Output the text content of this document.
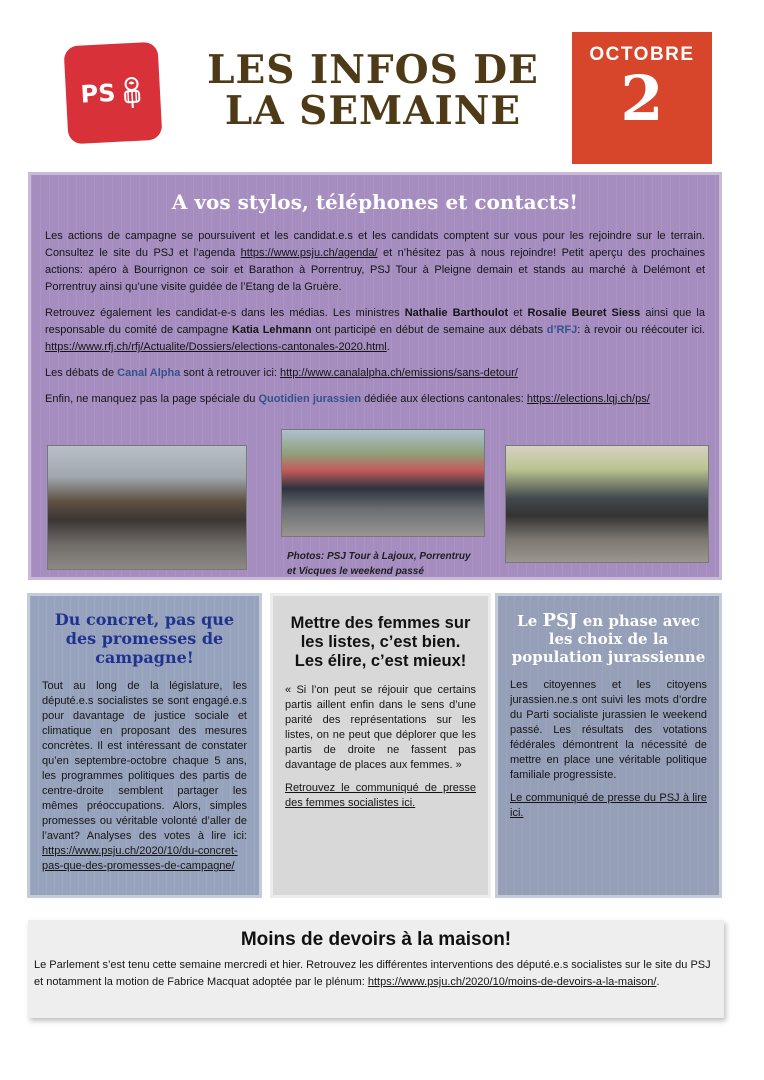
PS
LES INFOS DE
LA SEMAINE
OCTOBRE
2
A vos stylos, téléphones et contacts!

Les actions de campagne se poursuivent et les candidat.e.s et les candidats comptent sur vous pour les rejoindre sur le terrain. Consultez le site du PSJ et l’agenda https://www.psju.ch/agenda/ et n’hésitez pas à nous rejoindre! Petit aperçu des prochaines actions: apéro à Bourrignon ce soir et Barathon à Porrentruy, PSJ Tour à Pleigne demain et stands au marché à Delémont et Porrentruy ainsi qu’une visite guidée de l’Etang de la Gruère.

Retrouvez également les candidat-e-s dans les médias. Les ministres Nathalie Barthoulot et Rosalie Beuret Siess ainsi que la responsable du comité de campagne Katia Lehmann ont participé en début de semaine aux débats d’RFJ: à revoir ou réécouter ici. https://www.rfj.ch/rfj/Actualite/Dossiers/elections-cantonales-2020.html.

Les débats de Canal Alpha sont à retrouver ici: http://www.canalalpha.ch/emissions/sans-detour/

Enfin, ne manquez pas la page spéciale du Quotidien jurassien dédiée aux élections cantonales: https://elections.lqj.ch/ps/

Photos: PSJ Tour à Lajoux, Porrentruy
et Vicques le weekend passé
Du concret, pas que des promesses de campagne!

Tout au long de la législature, les député.e.s socialistes se sont engagé.e.s pour davantage de justice sociale et climatique en proposant des mesures concrètes. Il est intéressant de constater qu’en septembre-octobre chaque 5 ans, les programmes politiques des partis de centre-droite semblent partager les mêmes préoccupations. Alors, simples promesses ou véritable volonté d’aller de l’avant? Analyses des votes à lire ici: https://www.psju.ch/2020/10/du-concret-pas-que-des-promesses-de-campagne/

Mettre des femmes sur les listes, c’est bien. Les élire, c’est mieux!

« Si l’on peut se réjouir que certains partis aillent enfin dans le sens d’une parité des représentations sur les listes, on ne peut que déplorer que les partis de droite ne fassent pas davantage de places aux femmes. »

Retrouvez le communiqué de presse des femmes socialistes ici.

Le PSJ en phase avec les choix de la population jurassienne

Les citoyennes et les citoyens jurassien.ne.s ont suivi les mots d’ordre du Parti socialiste jurassien le weekend passé. Les résultats des votations fédérales démontrent la nécessité de mettre en place une véritable politique familiale progressiste.

Le communiqué de presse du PSJ à lire ici.

Moins de devoirs à la maison!

Le Parlement s’est tenu cette semaine mercredi et hier. Retrouvez les différentes interventions des député.e.s socialistes sur le site du PSJ et notamment la motion de Fabrice Macquat adoptée par le plénum: https://www.psju.ch/2020/10/moins-de-devoirs-a-la-maison/.
